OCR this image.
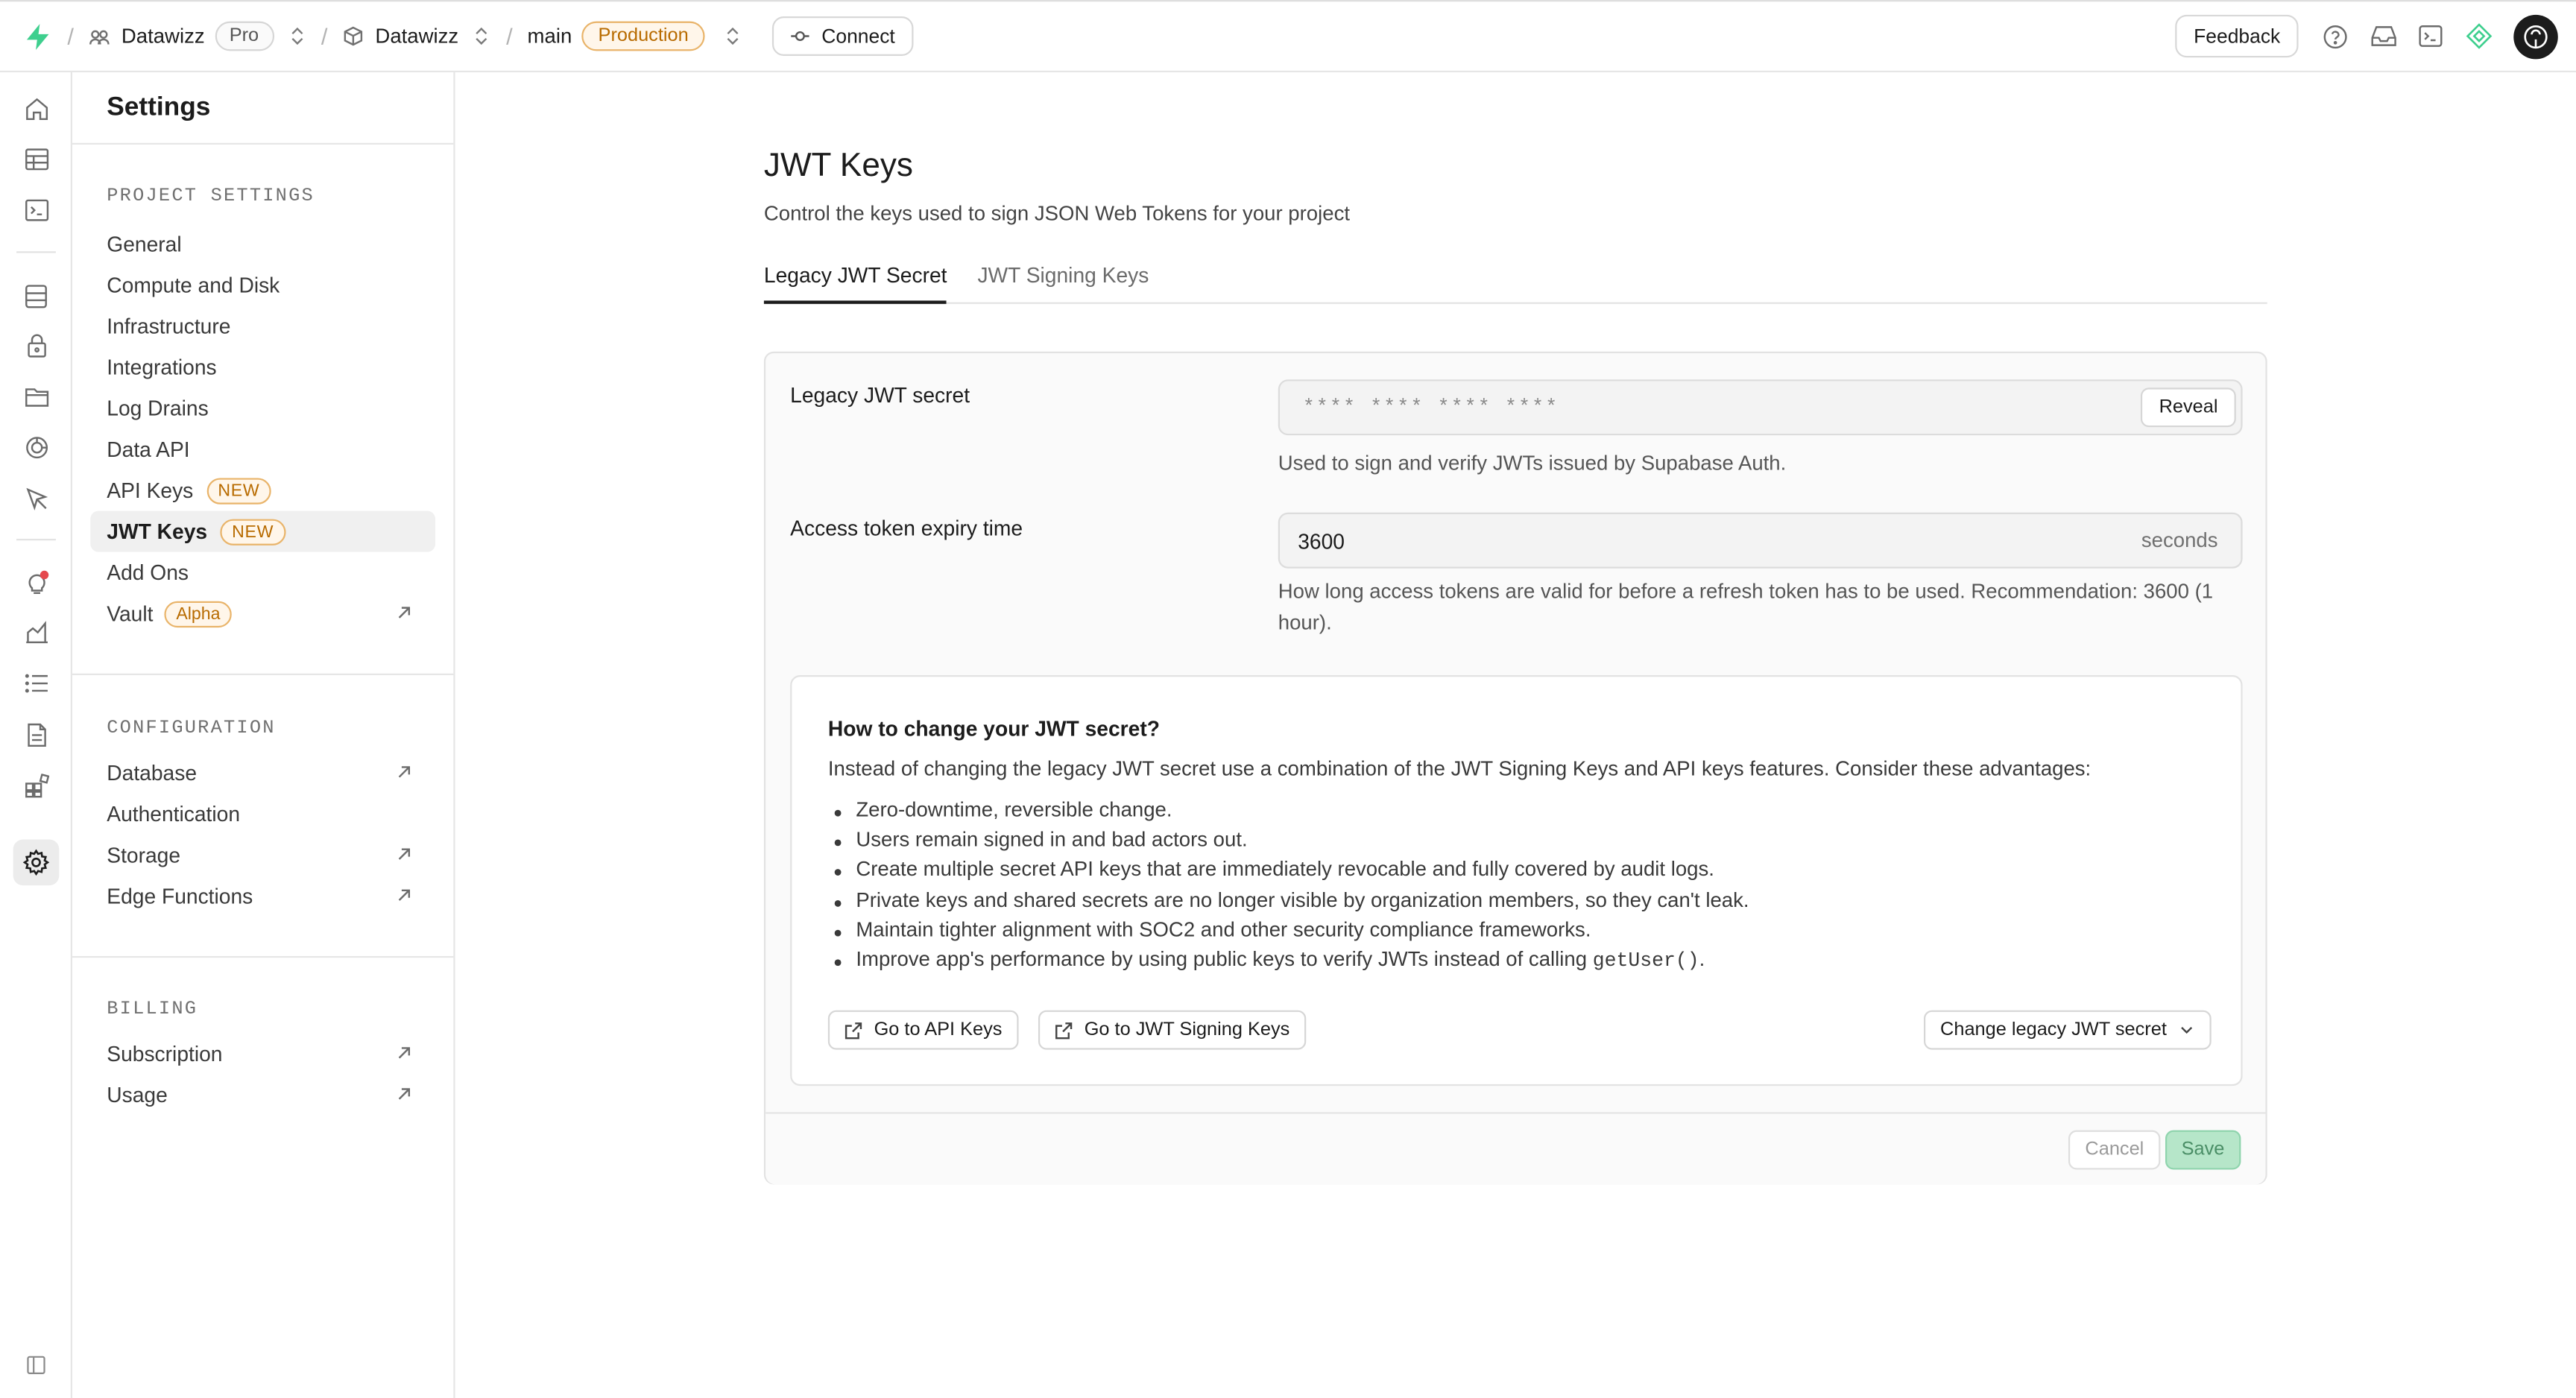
/	Datawizz	Pro	/	Datawizz	/ main	Production	Connect	Feedback
Settings
PROJECT SETTINGS
General
Compute and Disk
Infrastructure
Integrations
Log Drains
Data API
API Keys	NEW
JWT Keys	NEW
Add Ons
Vault	Alpha
CONFIGURATION
Database
Authentication
Storage
Edge Functions
BILLING
Subscription
Usage
JWT Keys
Control the keys used to sign JSON Web Tokens for your project
Legacy JWT Secret	JWT Signing Keys
Legacy JWT secret	**** **** **** ****	Reveal
Used to sign and verify JWTs issued by Supabase Auth.
Access token expiry time	3600	seconds
How long access tokens are valid for before a refresh token has to be used. Recommendation: 3600 (1 hour).
How to change your JWT secret?
Instead of changing the legacy JWT secret use a combination of the JWT Signing Keys and API keys features. Consider these advantages:
Zero-downtime, reversible change.
Users remain signed in and bad actors out.
Create multiple secret API keys that are immediately revocable and fully covered by audit logs.
Private keys and shared secrets are no longer visible by organization members, so they can't leak.
Maintain tighter alignment with SOC2 and other security compliance frameworks.
Improve app's performance by using public keys to verify JWTs instead of calling getUser().
Go to API Keys	Go to JWT Signing Keys	Change legacy JWT secret
Cancel	Save
